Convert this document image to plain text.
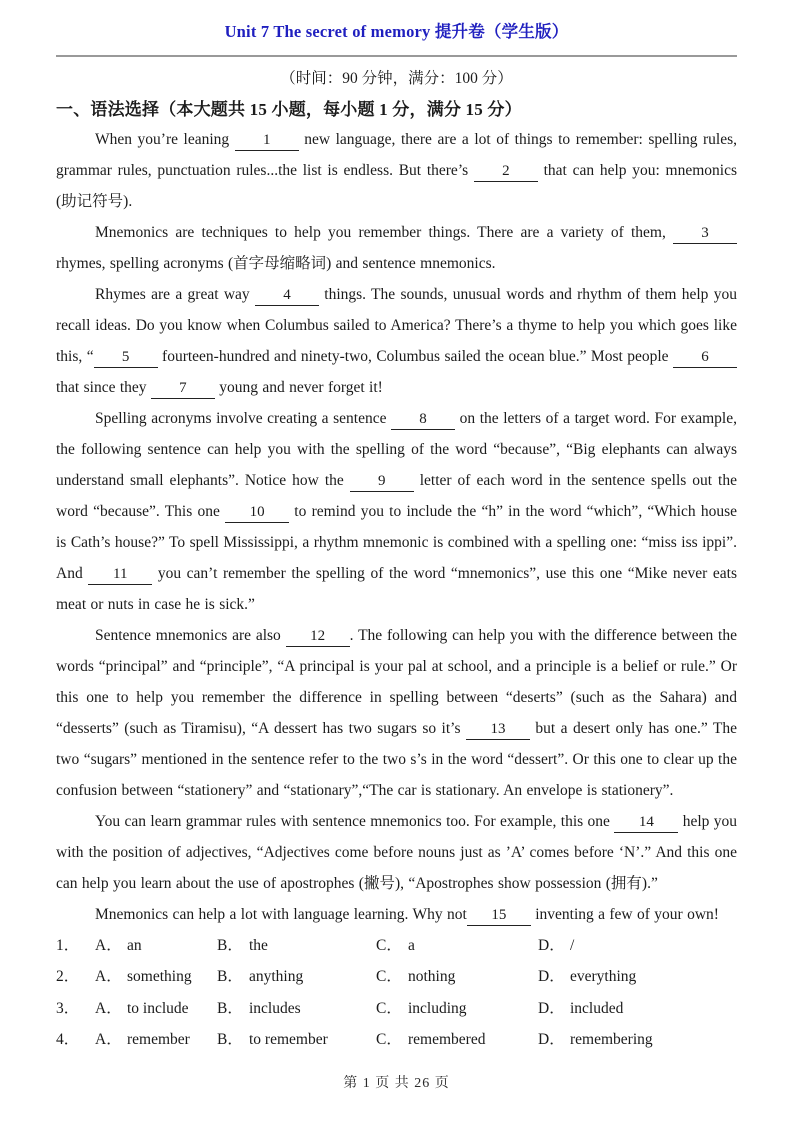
Unit 7 The secret of memory 提升卷（学生版）

（时间：90 分钟，满分：100 分）

一、语法选择（本大题共 15 小题，每小题 1 分，满分 15 分）

When you’re leaning 1 new language, there are a lot of things to remember: spelling rules, grammar rules, punctuation rules...the list is endless. But there’s 2 that can help you: mnemonics (助记符号).

Mnemonics are techniques to help you remember things. There are a variety of them, 3 rhymes, spelling acronyms (首字母缩略词) and sentence mnemonics.

Rhymes are a great way 4 things. The sounds, unusual words and rhythm of them help you recall ideas. Do you know when Columbus sailed to America? There’s a thyme to help you which goes like this, “ 5 fourteen-hundred and ninety-two, Columbus sailed the ocean blue.” Most people 6 that since they 7 young and never forget it!

Spelling acronyms involve creating a sentence 8 on the letters of a target word. For example, the following sentence can help you with the spelling of the word “because”, “Big elephants can always understand small elephants”. Notice how the 9 letter of each word in the sentence spells out the word “because”. This one 10 to remind you to include the “h” in the word “which”, “Which house is Cath’s house?” To spell Mississippi, a rhythm mnemonic is combined with a spelling one: “miss iss ippi”. And 11 you can’t remember the spelling of the word “mnemonics”, use this one “Mike never eats meat or nuts in case he is sick.”

Sentence mnemonics are also 12 . The following can help you with the difference between the words “principal” and “principle”, “A principal is your pal at school, and a principle is a belief or rule.” Or this one to help you remember the difference in spelling between “deserts” (such as the Sahara) and “desserts” (such as Tiramisu), “A dessert has two sugars so it’s 13 but a desert only has one.” The two “sugars” mentioned in the sentence refer to the two s’s in the word “dessert”. Or this one to clear up the confusion between “stationery” and “stationary”,“The car is stationary. An envelope is stationery”.

You can learn grammar rules with sentence mnemonics too. For example, this one 14 help you with the position of adjectives, “Adjectives come before nouns just as ’A’ comes before ‘N’.” And this one can help you learn about the use of apostrophes (撇号), “Apostrophes show possession (拥有).”

Mnemonics can help a lot with language learning. Why not 15 inventing a few of your own!

1． A． an	B． the	C． a	D． /
2． A． something	B． anything	C． nothing	D． everything
3． A． to include	B． includes	C． including	D． included
4． A． remember	B． to remember	C． remembered	D． remembering
第 1 页 共 26 页
